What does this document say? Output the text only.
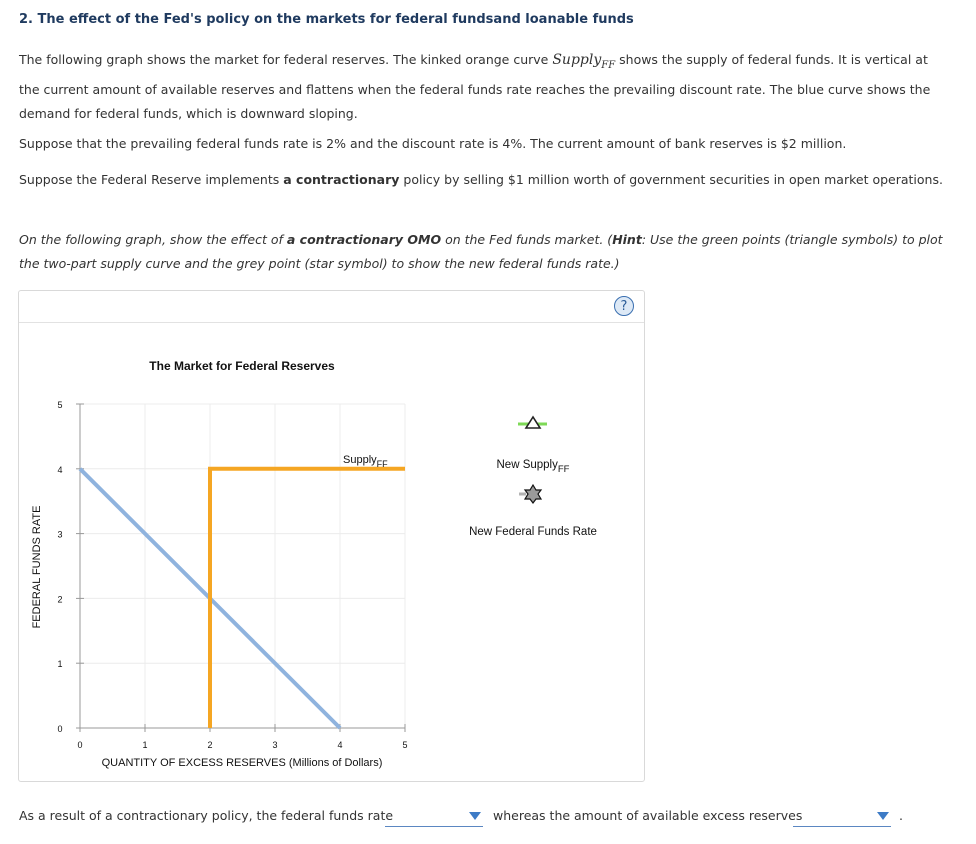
2. The effect of the Fed's policy on the markets for federal fundsand loanable funds
The following graph shows the market for federal reserves. The kinked orange curve Supply$_{FF}$ shows the supply of federal funds. It is vertical at the current amount of available reserves and flattens when the federal funds rate reaches the prevailing discount rate. The blue curve shows the demand for federal funds, which is downward sloping.
Suppose that the prevailing federal funds rate is 2% and the discount rate is 4%. The current amount of bank reserves is $2 million.
Suppose the Federal Reserve implements a contractionary policy by selling $1 million worth of government securities in open market operations.
On the following graph, show the effect of a contractionary OMO on the Fed funds market. (Hint: Use the green points (triangle symbols) to plot the two-part supply curve and the grey point (star symbol) to show the new federal funds rate.)
?
The Market for Federal Reserves
0	1	2	3	4	5
0
1
2
3
4
5
Supply$_{FF}$
QUANTITY OF EXCESS RESERVES (Millions of Dollars)
FEDERAL FUNDS RATE
New Supply$_{FF}$
New Federal Funds Rate
As a result of a contractionary policy, the federal funds rate	whereas the amount of available excess reserves	.
